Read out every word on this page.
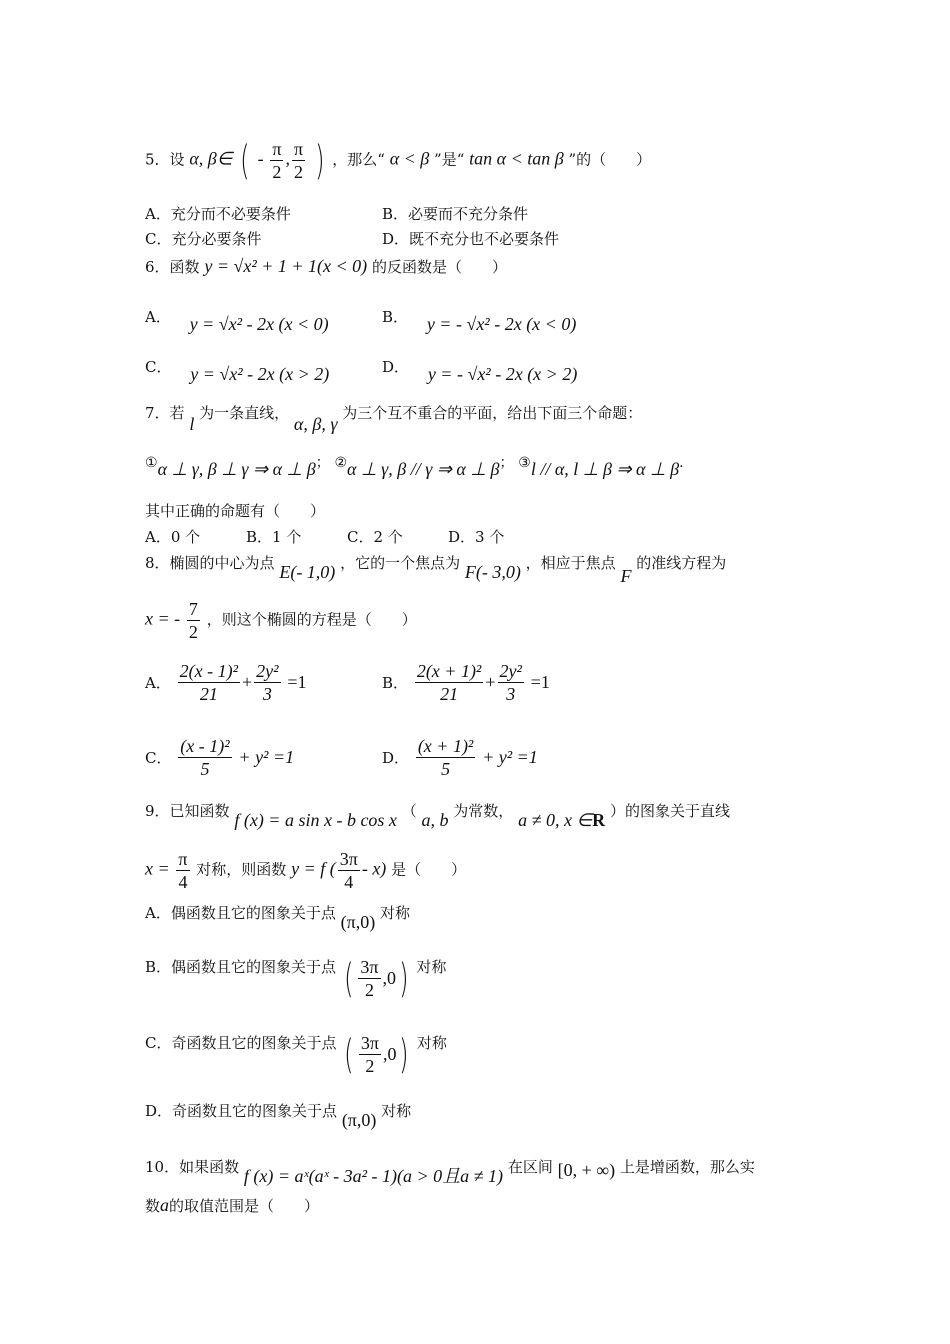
5．设 α, β∈ ( - $\frac{\pi}{2}$ , $\frac{\pi}{2}$ ) ，那么“ α < β ”是“ tan α < tan β ”的（　　）
A．充分而不必要条件	B．必要而不充分条件
C．充分必要条件	D．既不充分也不必要条件
6．函数 y = √x² + 1 + 1(x < 0) 的反函数是（　　）
A． y = √x² - 2x (x < 0)	B． y = - √x² - 2x (x < 0)
C． y = √x² - 2x (x > 2)	D． y = - √x² - 2x (x > 2)
7．若 l 为一条直线， α, β, γ 为三个互不重合的平面，给出下面三个命题：
①α ⊥ γ, β ⊥ γ ⇒ α ⊥ β； ②α ⊥ γ, β // γ ⇒ α ⊥ β； ③l // α, l ⊥ β ⇒ α ⊥ β.
其中正确的命题有（　　）
A．0 个	B．1 个	C．2 个	D．3 个
8．椭圆的中心为点 E(- 1,0) ，它的一个焦点为 F(- 3,0) ，相应于焦点 F 的准线方程为
x = - $\frac{7}{2}$ ，则这个椭圆的方程是（　　）
A． $\frac{\text{2(x - 1)²}}{21} + \frac{\text{2y²}}{3} =1$	B． $\frac{\text{2(x + 1)²}}{21} + \frac{\text{2y²}}{3} =1$
C． $\frac{\text{(x - 1)²}}{5} + y^2 =1$	D． $\frac{\text{(x + 1)²}}{5} + y^2 =1$
9．已知函数 f (x) = a sin x - b cos x （ a, b 为常数， a ≠ 0, x ∈R ）的图象关于直线
$x = \frac{\pi}{4}$ 对称，则函数 y = f ( $\frac{3\pi}{4} - x$) 是（　　）
A．偶函数且它的图象关于点 (π,0) 对称
B．偶函数且它的图象关于点 ( $\frac{3\pi}{2} ,0$) 对称
C．奇函数且它的图象关于点 ( $\frac{3\pi}{2} ,0$) 对称
D．奇函数且它的图象关于点 (π,0) 对称
10．如果函数 f (x) = aˣ(aˣ - 3a² - 1)(a > 0且a ≠ 1) 在区间 [0, + ∞) 上是增函数，那么实
数a的取值范围是（　　）
